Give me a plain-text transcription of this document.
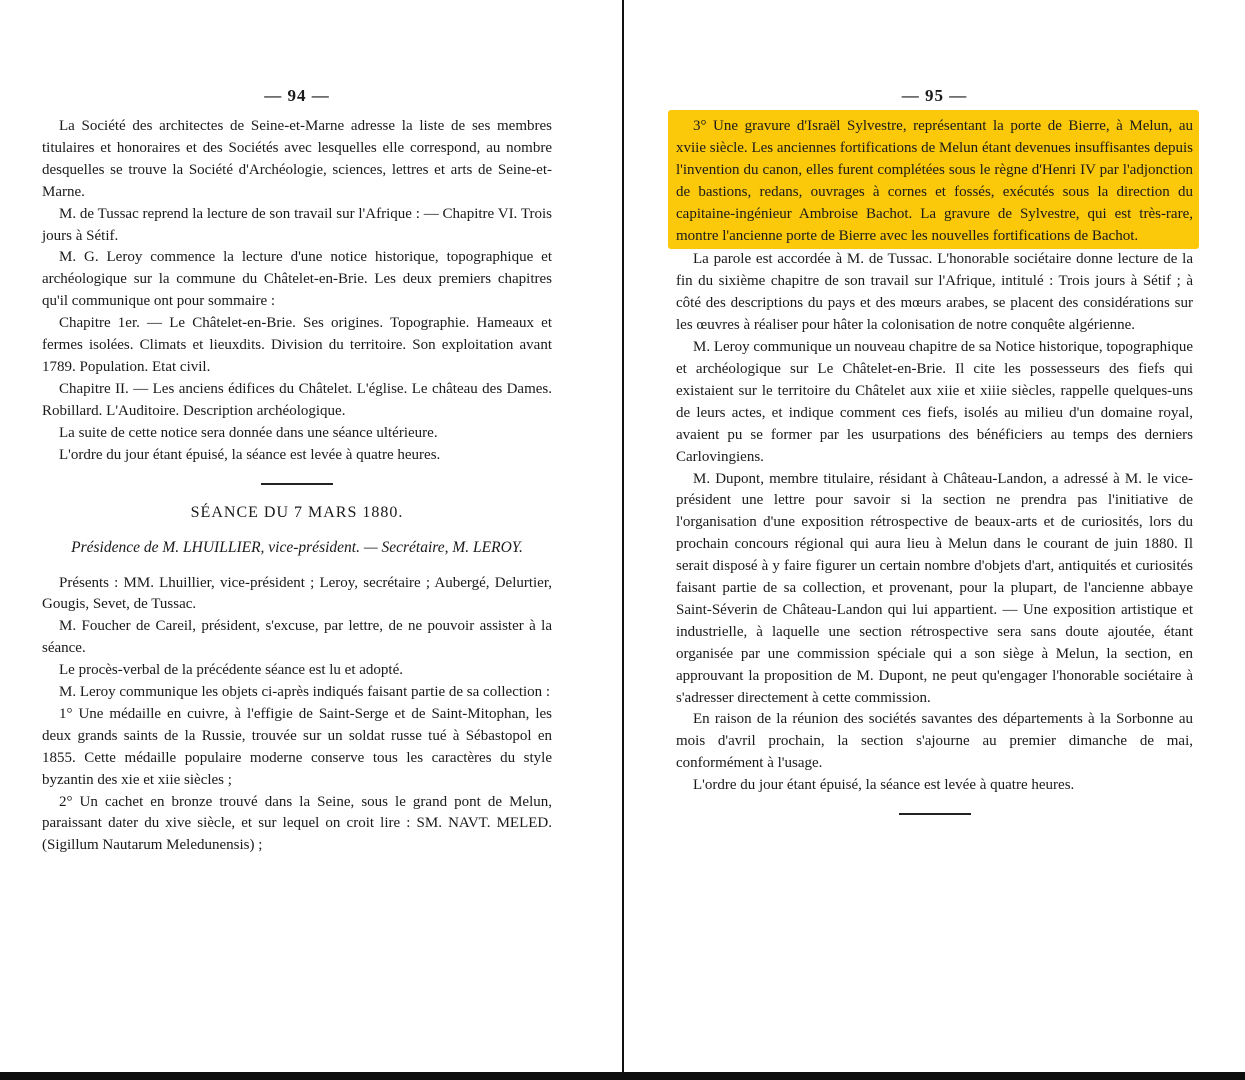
— 94 —

La Société des architectes de Seine-et-Marne adresse la liste de ses membres titulaires et honoraires et des Sociétés avec lesquelles elle correspond, au nombre desquelles se trouve la Société d'Archéologie, sciences, lettres et arts de Seine-et-Marne.

M. de Tussac reprend la lecture de son travail sur l'Afrique : — Chapitre VI. Trois jours à Sétif.

M. G. Leroy commence la lecture d'une notice historique, topographique et archéologique sur la commune du Châtelet-en-Brie. Les deux premiers chapitres qu'il communique ont pour sommaire :

Chapitre 1er. — Le Châtelet-en-Brie. Ses origines. Topographie. Hameaux et fermes isolées. Climats et lieuxdits. Division du territoire. Son exploitation avant 1789. Population. Etat civil.

Chapitre II. — Les anciens édifices du Châtelet. L'église. Le château des Dames. Robillard. L'Auditoire. Description archéologique.

La suite de cette notice sera donnée dans une séance ultérieure.

L'ordre du jour étant épuisé, la séance est levée à quatre heures.

SÉANCE DU 7 MARS 1880.
Présidence de M. LHUILLIER, vice-président. — Secrétaire, M. LEROY.

Présents : MM. Lhuillier, vice-président ; Leroy, secrétaire ; Aubergé, Delurtier, Gougis, Sevet, de Tussac.

M. Foucher de Careil, président, s'excuse, par lettre, de ne pouvoir assister à la séance.

Le procès-verbal de la précédente séance est lu et adopté.

M. Leroy communique les objets ci-après indiqués faisant partie de sa collection :

1° Une médaille en cuivre, à l'effigie de Saint-Serge et de Saint-Mitophan, les deux grands saints de la Russie, trouvée sur un soldat russe tué à Sébastopol en 1855. Cette médaille populaire moderne conserve tous les caractères du style byzantin des xie et xiie siècles ;

2° Un cachet en bronze trouvé dans la Seine, sous le grand pont de Melun, paraissant dater du xive siècle, et sur lequel on croit lire : SM. NAVT. MELED. (Sigillum Nautarum Meledunensis) ;

— 95 —

3° Une gravure d'Israël Sylvestre, représentant la porte de Bierre, à Melun, au xviie siècle. Les anciennes fortifications de Melun étant devenues insuffisantes depuis l'invention du canon, elles furent complétées sous le règne d'Henri IV par l'adjonction de bastions, redans, ouvrages à cornes et fossés, exécutés sous la direction du capitaine-ingénieur Ambroise Bachot. La gravure de Sylvestre, qui est très-rare, montre l'ancienne porte de Bierre avec les nouvelles fortifications de Bachot.

La parole est accordée à M. de Tussac. L'honorable sociétaire donne lecture de la fin du sixième chapitre de son travail sur l'Afrique, intitulé : Trois jours à Sétif ; à côté des descriptions du pays et des mœurs arabes, se placent des considérations sur les œuvres à réaliser pour hâter la colonisation de notre conquête algérienne.

M. Leroy communique un nouveau chapitre de sa Notice historique, topographique et archéologique sur Le Châtelet-en-Brie. Il cite les possesseurs des fiefs qui existaient sur le territoire du Châtelet aux xiie et xiiie siècles, rappelle quelques-uns de leurs actes, et indique comment ces fiefs, isolés au milieu d'un domaine royal, avaient pu se former par les usurpations des bénéficiers au temps des derniers Carlovingiens.

M. Dupont, membre titulaire, résidant à Château-Landon, a adressé à M. le vice-président une lettre pour savoir si la section ne prendra pas l'initiative de l'organisation d'une exposition rétrospective de beaux-arts et de curiosités, lors du prochain concours régional qui aura lieu à Melun dans le courant de juin 1880. Il serait disposé à y faire figurer un certain nombre d'objets d'art, antiquités et curiosités faisant partie de sa collection, et provenant, pour la plupart, de l'ancienne abbaye Saint-Séverin de Château-Landon qui lui appartient. — Une exposition artistique et industrielle, à laquelle une section rétrospective sera sans doute ajoutée, étant organisée par une commission spéciale qui a son siège à Melun, la section, en approuvant la proposition de M. Dupont, ne peut qu'engager l'honorable sociétaire à s'adresser directement à cette commission.

En raison de la réunion des sociétés savantes des départements à la Sorbonne au mois d'avril prochain, la section s'ajourne au premier dimanche de mai, conformément à l'usage.

L'ordre du jour étant épuisé, la séance est levée à quatre heures.
